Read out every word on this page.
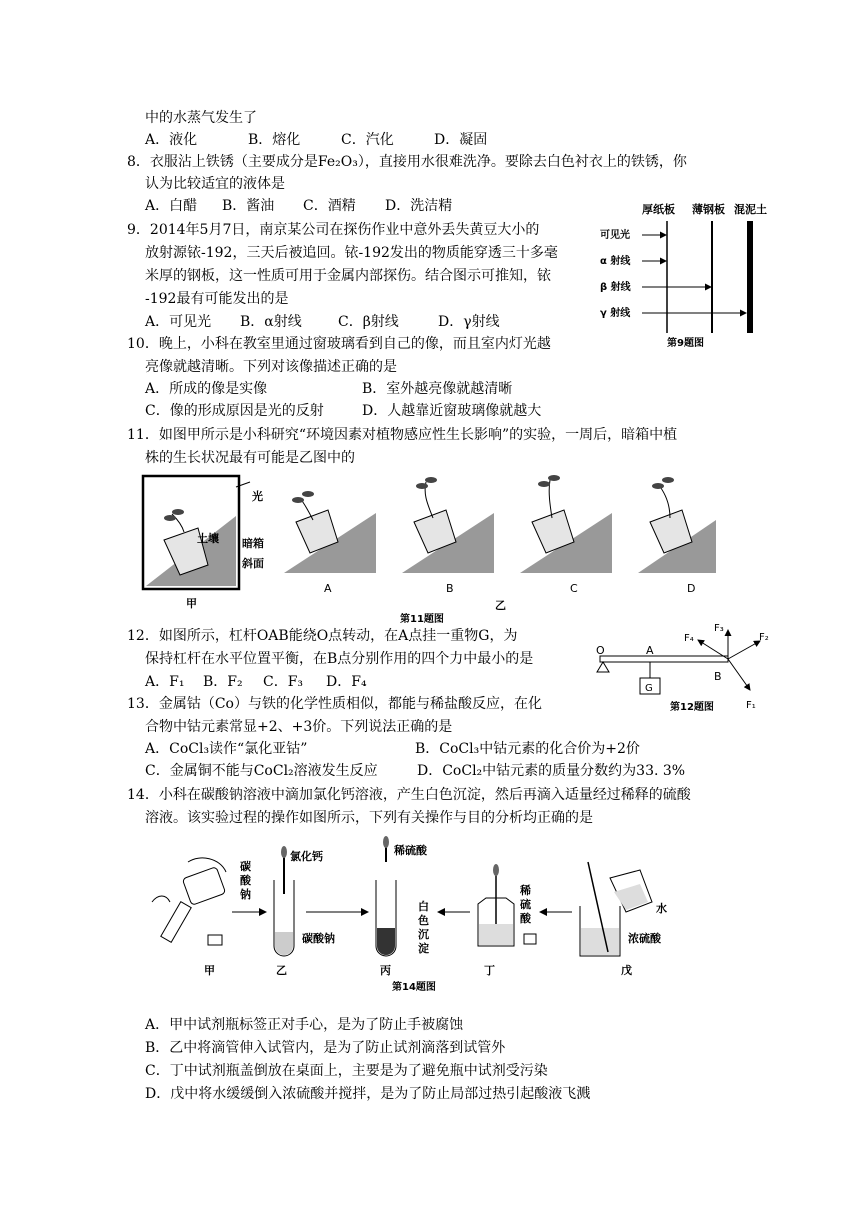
中的水蒸气发生了
A．液化	B．熔化	C．汽化	D．凝固
8．衣服沾上铁锈（主要成分是Fe₂O₃），直接用水很难洗净。要除去白色衬衣上的铁锈，你
认为比较适宜的液体是
A．白醋 B．酱油 C．酒精 D．洗洁精
9．2014年5月7日，南京某公司在探伤作业中意外丢失黄豆大小的
放射源铱-192，三天后被追回。铱-192发出的物质能穿透三十多毫
米厚的钢板，这一性质可用于金属内部探伤。结合图示可推知，铱
-192最有可能发出的是
A．可见光 B．α射线	C．β射线	D．γ射线
厚纸板 薄钢板 混泥土
可见光
α 射线
β 射线
γ 射线
第9题图
10．晚上，小科在教室里通过窗玻璃看到自己的像，而且室内灯光越
亮像就越清晰。下列对该像描述正确的是
A．所成的像是实像	B．室外越亮像就越清晰
C．像的形成原因是光的反射	D．人越靠近窗玻璃像就越大
11．如图甲所示是小科研究“环境因素对植物感应性生长影响”的实验，一周后，暗箱中植
株的生长状况最有可能是乙图中的
光
土壤 暗箱
斜面
甲
A	B	C	D
乙
第11题图
12．如图所示，杠杆OAB能绕O点转动，在A点挂一重物G，为
保持杠杆在水平位置平衡，在B点分别作用的四个力中最小的是
A．F₁ B．F₂ C．F₃ D．F₄
O	A
G
B
F₁
F₂
F₃
F₄
第12题图
13．金属钴（Co）与铁的化学性质相似，都能与稀盐酸反应，在化
合物中钴元素常显+2、+3价。下列说法正确的是
A．CoCl₃读作“氯化亚钴”	B．CoCl₃中钴元素的化合价为+2价
C．金属铜不能与CoCl₂溶液发生反应	D．CoCl₂中钴元素的质量分数约为33. 3%
14．小科在碳酸钠溶液中滴加氯化钙溶液，产生白色沉淀，然后再滴入适量经过稀释的硫酸
溶液。该实验过程的操作如图所示，下列有关操作与目的分析均正确的是
碳酸钠
甲
氯化钙
碳酸钠
乙
稀硫酸
白色沉淀
丙
稀硫酸
丁
水
浓硫酸
戊
第14题图
A．甲中试剂瓶标签正对手心，是为了防止手被腐蚀
B．乙中将滴管伸入试管内，是为了防止试剂滴落到试管外
C．丁中试剂瓶盖倒放在桌面上，主要是为了避免瓶中试剂受污染
D．戊中将水缓缓倒入浓硫酸并搅拌，是为了防止局部过热引起酸液飞溅
